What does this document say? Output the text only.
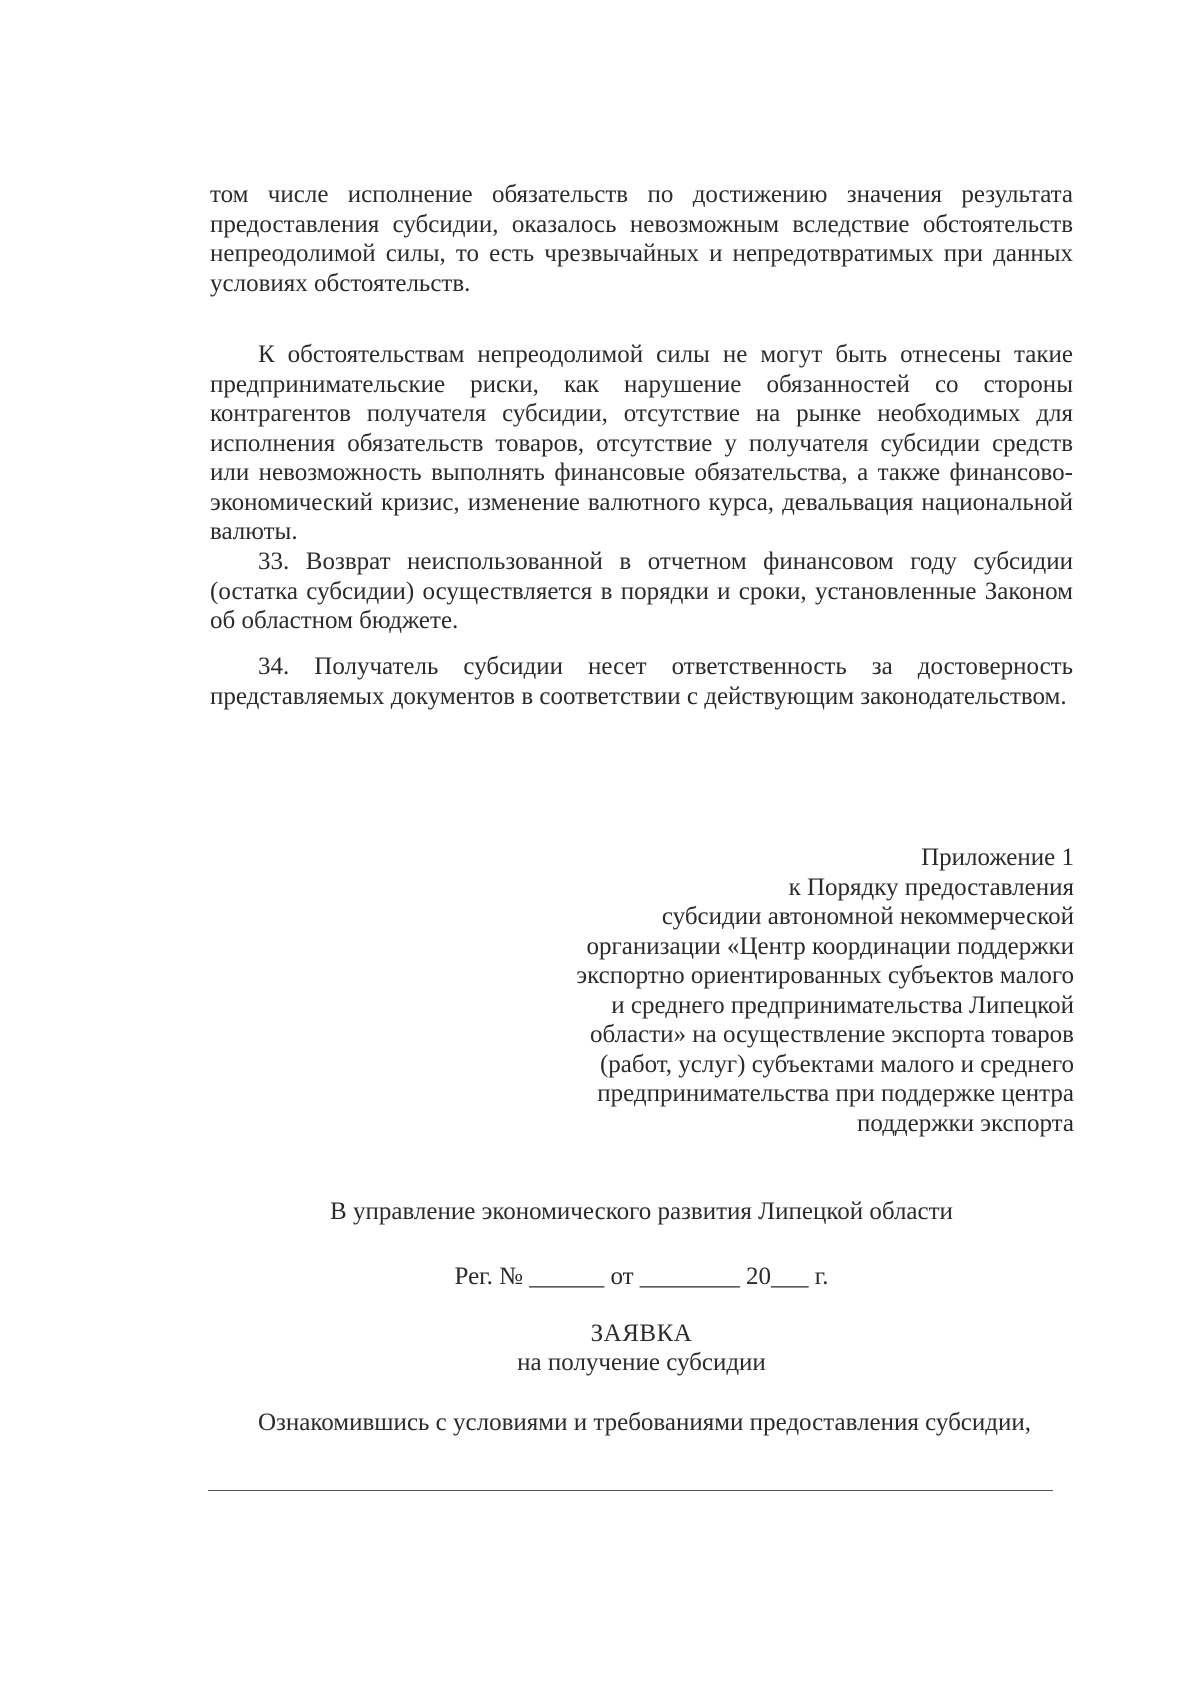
том числе исполнение обязательств по достижению значения результата предоставления субсидии, оказалось невозможным вследствие обстоятельств непреодолимой силы, то есть чрезвычайных и непредотвратимых при данных условиях обстоятельств.

К обстоятельствам непреодолимой силы не могут быть отнесены такие предпринимательские риски, как нарушение обязанностей со стороны контрагентов получателя субсидии, отсутствие на рынке необходимых для исполнения обязательств товаров, отсутствие у получателя субсидии средств или невозможность выполнять финансовые обязательства, а также финансово-экономический кризис, изменение валютного курса, девальвация национальной валюты.

33. Возврат неиспользованной в отчетном финансовом году субсидии (остатка субсидии) осуществляется в порядки и сроки, установленные Законом об областном бюджете.

34. Получатель субсидии несет ответственность за достоверность представляемых документов в соответствии с действующим законодательством.

Приложение 1
к Порядку предоставления
субсидии автономной некоммерческой
организации «Центр координации поддержки
экспортно ориентированных субъектов малого
и среднего предпринимательства Липецкой
области» на осуществление экспорта товаров
(работ, услуг) субъектами малого и среднего
предпринимательства при поддержке центра
поддержки экспорта
В управление экономического развития Липецкой области
Рег. № ______ от ________ 20___ г.
ЗАЯВКА
на получение субсидии
Ознакомившись с условиями и требованиями предоставления субсидии,
